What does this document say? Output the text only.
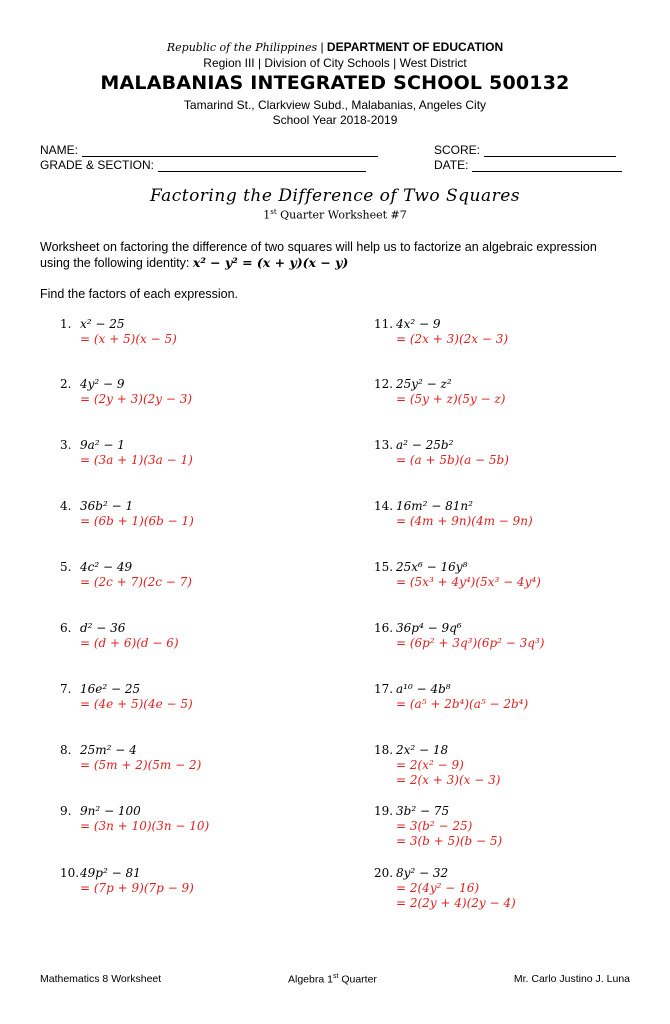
Republic of the Philippines | DEPARTMENT OF EDUCATION
Region III | Division of City Schools | West District
MALABANIAS INTEGRATED SCHOOL 500132
Tamarind St., Clarkview Subd., Malabanias, Angeles City
School Year 2018-2019
NAME:
GRADE & SECTION:
SCORE:
DATE:
Factoring the Difference of Two Squares
1st Quarter Worksheet #7
Worksheet on factoring the difference of two squares will help us to factorize an algebraic expression
using the following identity: x² − y² = (x + y)(x − y)
Find the factors of each expression.
1. x² − 25
= (x + 5)(x − 5)
2. 4y² − 9
= (2y + 3)(2y − 3)
3. 9a² − 1
= (3a + 1)(3a − 1)
4. 36b² − 1
= (6b + 1)(6b − 1)
5. 4c² − 49
= (2c + 7)(2c − 7)
6. d² − 36
= (d + 6)(d − 6)
7. 16e² − 25
= (4e + 5)(4e − 5)
8. 25m² − 4
= (5m + 2)(5m − 2)
9. 9n² − 100
= (3n + 10)(3n − 10)
10.49p² − 81
= (7p + 9)(7p − 9)
11. 4x² − 9
= (2x + 3)(2x − 3)
12. 25y² − z²
= (5y + z)(5y − z)
13. a² − 25b²
= (a + 5b)(a − 5b)
14. 16m² − 81n²
= (4m + 9n)(4m − 9n)
15. 25x⁶ − 16y⁸
= (5x³ + 4y⁴)(5x³ − 4y⁴)
16. 36p⁴ − 9q⁶
= (6p² + 3q³)(6p² − 3q³)
17. a¹⁰ − 4b⁸
= (a⁵ + 2b⁴)(a⁵ − 2b⁴)
18. 2x² − 18
= 2(x² − 9)
= 2(x + 3)(x − 3)
19. 3b² − 75
= 3(b² − 25)
= 3(b + 5)(b − 5)
20. 8y² − 32
= 2(4y² − 16)
= 2(2y + 4)(2y − 4)
Mathematics 8 Worksheet	Algebra 1st Quarter	Mr. Carlo Justino J. Luna
